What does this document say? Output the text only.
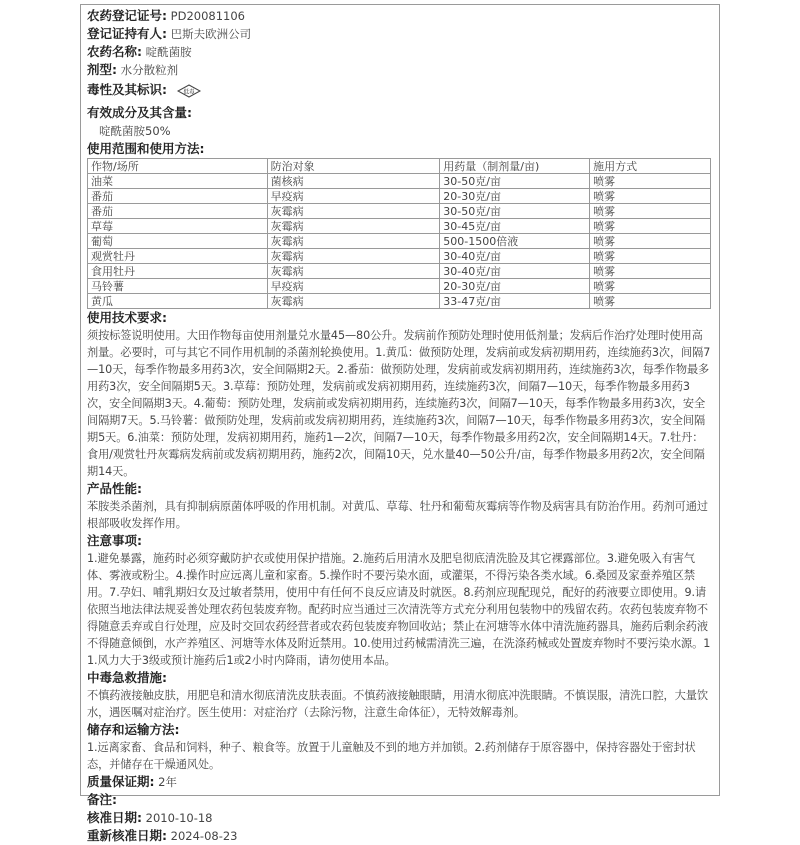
农药登记证号: PD20081106
登记证持有人: 巴斯夫欧洲公司
农药名称: 啶酰菌胺
剂型: 水分散粒剂
毒性及其标识:	低毒
有效成分及其含量:
啶酰菌胺50%
使用范围和使用方法:
作物/场所	防治对象	用药量（制剂量/亩)	施用方式
油菜	菌核病	30-50克/亩	喷雾
番茄	早疫病	20-30克/亩	喷雾
番茄	灰霉病	30-50克/亩	喷雾
草莓	灰霉病	30-45克/亩	喷雾
葡萄	灰霉病	500-1500倍液	喷雾
观赏牡丹	灰霉病	30-40克/亩	喷雾
食用牡丹	灰霉病	30-40克/亩	喷雾
马铃薯	早疫病	20-30克/亩	喷雾
黄瓜	灰霉病	33-47克/亩	喷雾
使用技术要求:
须按标签说明使用。大田作物每亩使用剂量兑水量45—80公升。发病前作预防处理时使用低剂量；发病后作治疗处理时使用高剂量。必要时，可与其它不同作用机制的杀菌剂轮换使用。1.黄瓜：做预防处理，发病前或发病初期用药，连续施药3次，间隔7—10天，每季作物最多用药3次，安全间隔期2天。2.番茄：做预防处理，发病前或发病初期用药，连续施药3次，每季作物最多用药3次，安全间隔期5天。3.草莓：预防处理，发病前或发病初期用药，连续施药3次，间隔7—10天，每季作物最多用药3次，安全间隔期3天。4.葡萄：预防处理，发病前或发病初期用药，连续施药3次，间隔7—10天，每季作物最多用药3次，安全间隔期7天。5.马铃薯：做预防处理，发病前或发病初期用药，连续施药3次，间隔7—10天，每季作物最多用药3次，安全间隔期5天。6.油菜：预防处理，发病初期用药，施药1—2次，间隔7—10天，每季作物最多用药2次，安全间隔期14天。7.牡丹：食用/观赏牡丹灰霉病发病前或发病初期用药，施药2次，间隔10天，兑水量40—50公升/亩，每季作物最多用药2次，安全间隔期14天。
产品性能:
苯胺类杀菌剂，具有抑制病原菌体呼吸的作用机制。对黄瓜、草莓、牡丹和葡萄灰霉病等作物及病害具有防治作用。药剂可通过根部吸收发挥作用。
注意事项:
1.避免暴露，施药时必须穿戴防护衣或使用保护措施。2.施药后用清水及肥皂彻底清洗脸及其它裸露部位。3.避免吸入有害气体、雾液或粉尘。4.操作时应远离儿童和家畜。5.操作时不要污染水面，或灌渠，不得污染各类水域。6.桑园及家蚕养殖区禁用。7.孕妇、哺乳期妇女及过敏者禁用，使用中有任何不良反应请及时就医。8.药剂应现配现兑，配好的药液要立即使用。9.请依照当地法律法规妥善处理农药包装废弃物。配药时应当通过三次清洗等方式充分利用包装物中的残留农药。农药包装废弃物不得随意丢弃或自行处理，应及时交回农药经营者或农药包装废弃物回收站；禁止在河塘等水体中清洗施药器具，施药后剩余药液不得随意倾倒，水产养殖区、河塘等水体及附近禁用。10.使用过药械需清洗三遍，在洗涤药械或处置废弃物时不要污染水源。11.风力大于3级或预计施药后1或2小时内降雨，请勿使用本品。
中毒急救措施:
不慎药液接触皮肤，用肥皂和清水彻底清洗皮肤表面。不慎药液接触眼睛，用清水彻底冲洗眼睛。不慎误服，清洗口腔，大量饮水，遇医嘱对症治疗。医生使用：对症治疗（去除污物，注意生命体征），无特效解毒剂。
储存和运输方法:
1.远离家畜、食品和饲料，种子、粮食等。放置于儿童触及不到的地方并加锁。2.药剂储存于原容器中，保持容器处于密封状态，并储存在干燥通风处。
质量保证期: 2年
备注:
核准日期: 2010-10-18
重新核准日期: 2024-08-23
